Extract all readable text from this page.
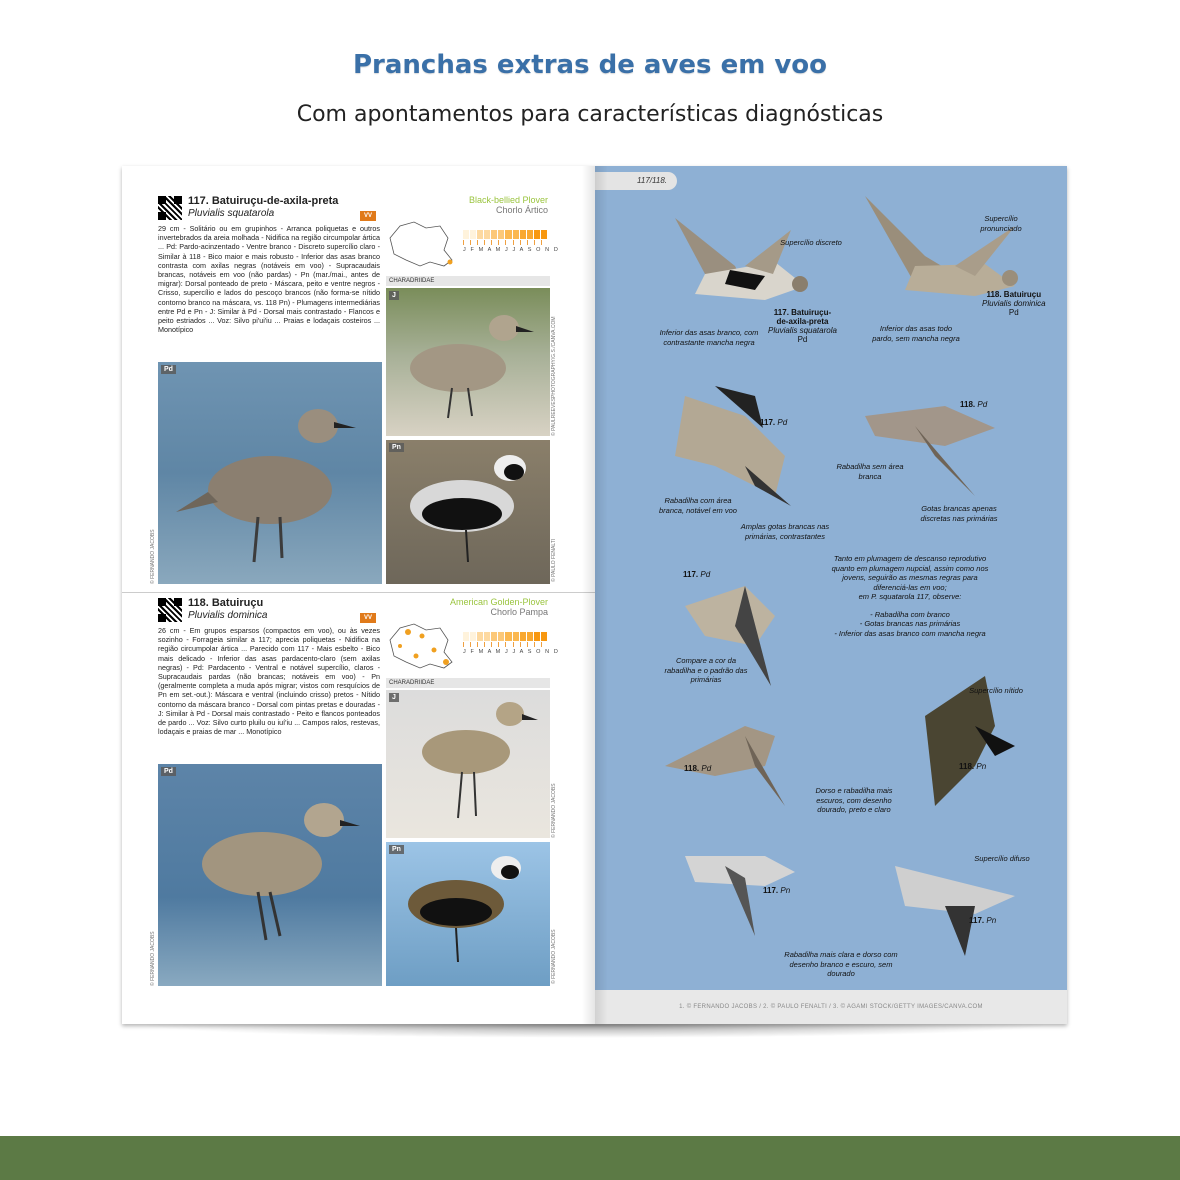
Pranchas extras de aves em voo
Com apontamentos para características diagnósticas
117. Batuiruçu-de-axila-preta
Pluvialis squatarola	VV
Black-bellied Plover
Chorlo Ártico
29 cm - Solitário ou em grupinhos - Arranca poliquetas e outros invertebrados da areia molhada - Nidifica na região circumpolar ártica ... Pd: Pardo-acinzentado - Ventre branco - Discreto supercílio claro - Similar à 118 - Bico maior e mais robusto - Inferior das asas branco contrasta com axilas negras (notáveis em voo) - Supracaudais brancas, notáveis em voo (não pardas) - Pn (mar./mai., antes de migrar): Dorsal ponteado de preto - Máscara, peito e ventre negros - Crisso, supercílio e lados do pescoço brancos (não forma-se nítido contorno branco na máscara, vs. 118 Pn) - Plumagens intermediárias entre Pd e Pn - J: Similar à Pd - Dorsal mais contrastado - Flancos e peito estriados ... Voz: Silvo pi'ui'iu ... Praias e lodaçais costeiros ... Monotípico
J F M A M J J A S O N D
CHARADRIIDAE
Pd
© FERNANDO JACOBS
J
Pn
© PAULREEVESPHOTOGRAPHY/G.S./CANVA.COM
© PAULO FENALTI
118. Batuiruçu
Pluvialis dominica	VV
American Golden-Plover
Chorlo Pampa
26 cm - Em grupos esparsos (compactos em voo), ou às vezes sozinho - Forrageia similar a 117; aprecia poliquetas - Nidifica na região circumpolar ártica ... Parecido com 117 - Mais esbelto - Bico mais delicado - Inferior das asas pardacento-claro (sem axilas negras) - Pd: Pardacento - Ventral e notável supercílio, claros - Supracaudais pardas (não brancas; notáveis em voo) - Pn (geralmente completa a muda após migrar; vistos com resquícios de Pn em set.-out.): Máscara e ventral (incluindo crisso) pretos - Nítido contorno da máscara branco - Dorsal com pintas pretas e douradas - J: Similar à Pd - Dorsal mais contrastado - Peito e flancos ponteados de pardo ... Voz: Silvo curto pluilu ou iuí'iu ... Campos ralos, restevas, lodaçais e praias de mar ... Monotípico
J F M A M J J A S O N D
CHARADRIIDAE
Pd
© FERNANDO JACOBS
J
Pn
© FERNANDO JACOBS
© FERNANDO JACOBS
117/118.
117. Batuiruçu-
de-axila-preta
Pluvialis squatarola
Pd
118. Batuiruçu
Pluvialis dominica
Pd
117. Pd
118. Pd
117. Pd
118. Pn
118. Pd
117. Pn
117. Pn
Supercílio discreto
Inferior das asas branco, com contrastante mancha negra
Supercílio pronunciado
Inferior das asas todo pardo, sem mancha negra
Rabadilha com área branca, notável em voo
Amplas gotas brancas nas primárias, contrastantes
Rabadilha sem área branca
Gotas brancas apenas discretas nas primárias
Compare a cor da rabadilha e o padrão das primárias
Supercílio nítido
Dorso e rabadilha mais escuros, com desenho dourado, preto e claro
Supercílio difuso
Rabadilha mais clara e dorso com desenho branco e escuro, sem dourado
Tanto em plumagem de descanso reprodutivo
quanto em plumagem nupcial, assim como nos
jovens, seguirão as mesmas regras para
diferenciá-las em voo;
em P. squatarola 117, observe:
- Rabadilha com branco
- Gotas brancas nas primárias
- Inferior das asas branco com mancha negra
1. © FERNANDO JACOBS / 2. © PAULO FENALTI / 3. © AGAMI STOCK/GETTY IMAGES/CANVA.COM
